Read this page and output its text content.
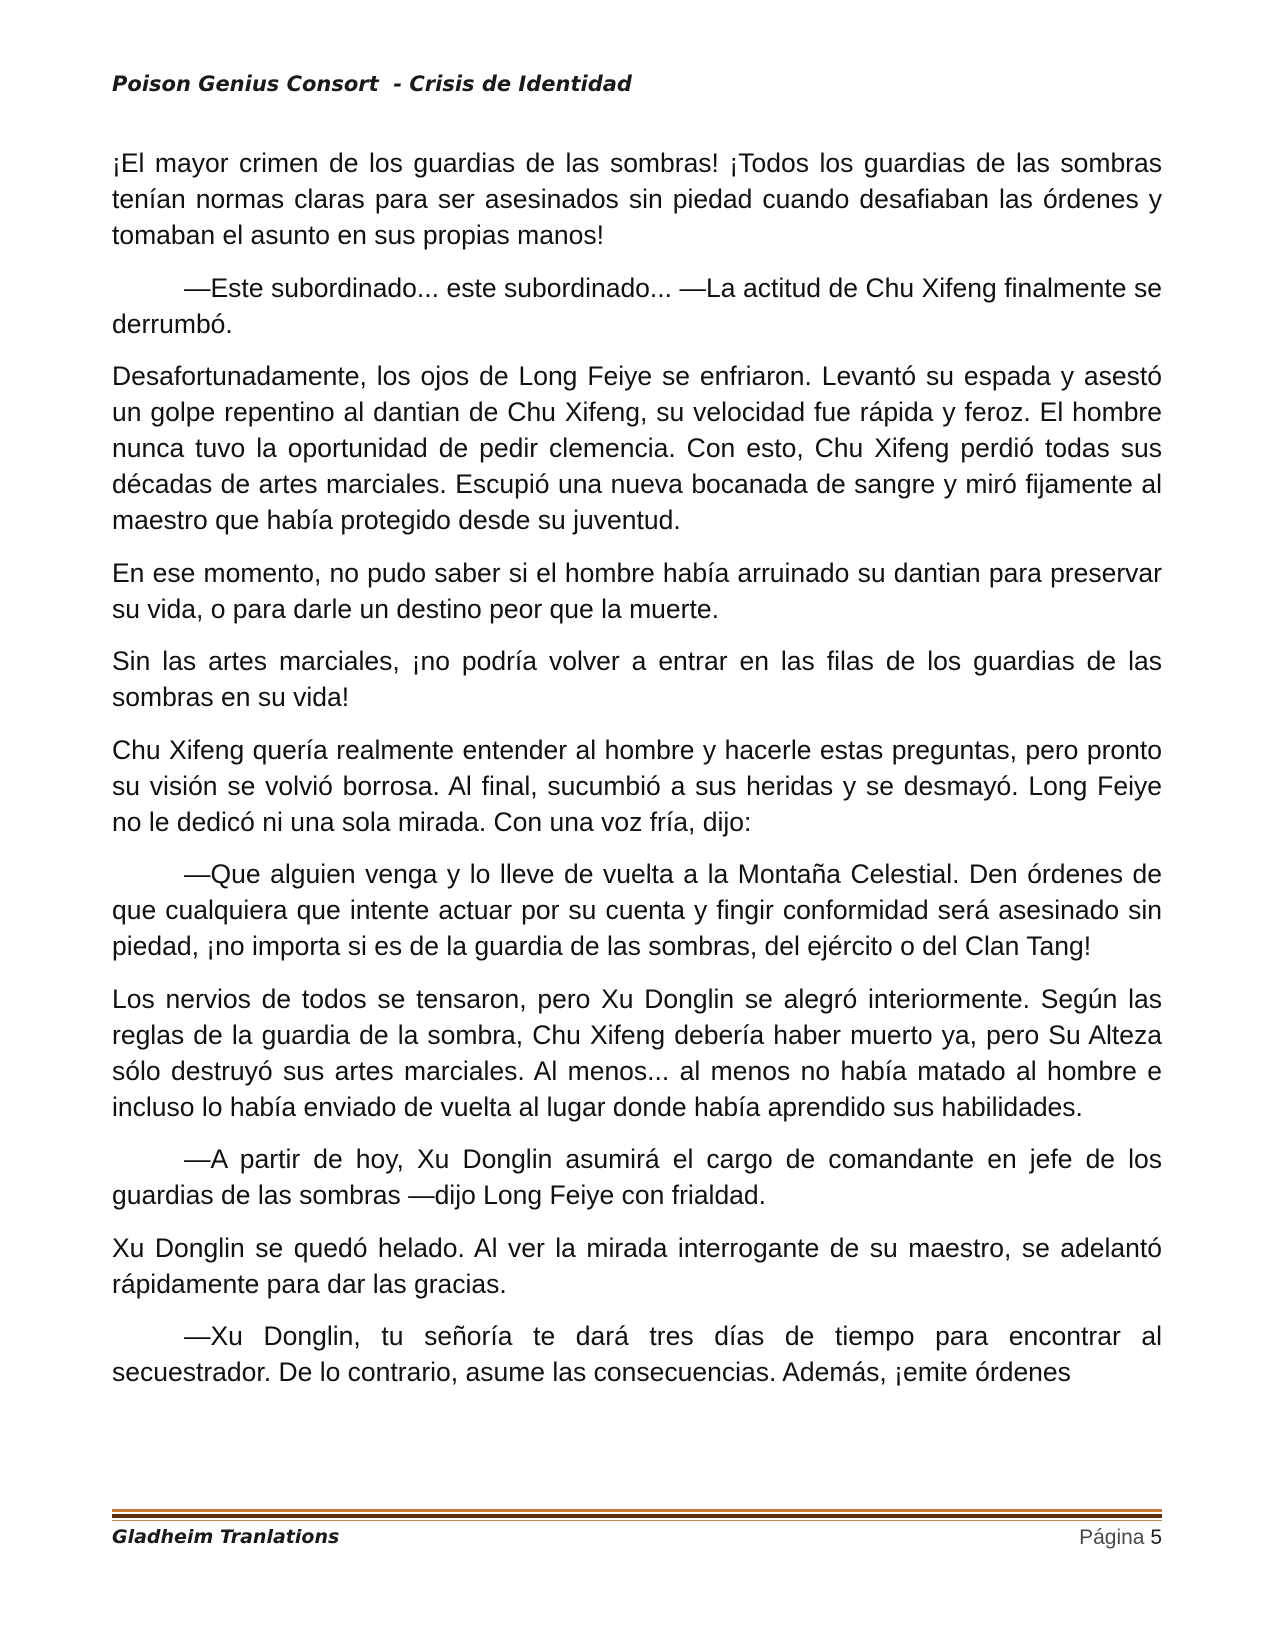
Poison Genius Consort  - Crisis de Identidad

¡El mayor crimen de los guardias de las sombras! ¡Todos los guardias de las sombras tenían normas claras para ser asesinados sin piedad cuando desafiaban las órdenes y tomaban el asunto en sus propias manos!

—Este subordinado... este subordinado... —La actitud de Chu Xifeng finalmente se derrumbó.

Desafortunadamente, los ojos de Long Feiye se enfriaron. Levantó su espada y asestó un golpe repentino al dantian de Chu Xifeng, su velocidad fue rápida y feroz. El hombre nunca tuvo la oportunidad de pedir clemencia. Con esto, Chu Xifeng perdió todas sus décadas de artes marciales. Escupió una nueva bocanada de sangre y miró fijamente al maestro que había protegido desde su juventud.

En ese momento, no pudo saber si el hombre había arruinado su dantian para preservar su vida, o para darle un destino peor que la muerte.

Sin las artes marciales, ¡no podría volver a entrar en las filas de los guardias de las sombras en su vida!

Chu Xifeng quería realmente entender al hombre y hacerle estas preguntas, pero pronto su visión se volvió borrosa. Al final, sucumbió a sus heridas y se desmayó. Long Feiye no le dedicó ni una sola mirada. Con una voz fría, dijo:

—Que alguien venga y lo lleve de vuelta a la Montaña Celestial. Den órdenes de que cualquiera que intente actuar por su cuenta y fingir conformidad será asesinado sin piedad, ¡no importa si es de la guardia de las sombras, del ejército o del Clan Tang!

Los nervios de todos se tensaron, pero Xu Donglin se alegró interiormente. Según las reglas de la guardia de la sombra, Chu Xifeng debería haber muerto ya, pero Su Alteza sólo destruyó sus artes marciales. Al menos... al menos no había matado al hombre e incluso lo había enviado de vuelta al lugar donde había aprendido sus habilidades.

—A partir de hoy, Xu Donglin asumirá el cargo de comandante en jefe de los guardias de las sombras —dijo Long Feiye con frialdad.

Xu Donglin se quedó helado. Al ver la mirada interrogante de su maestro, se adelantó rápidamente para dar las gracias.

—Xu Donglin, tu señoría te dará tres días de tiempo para encontrar al secuestrador. De lo contrario, asume las consecuencias. Además, ¡emite órdenes

Gladheim Tranlations	Página 5
